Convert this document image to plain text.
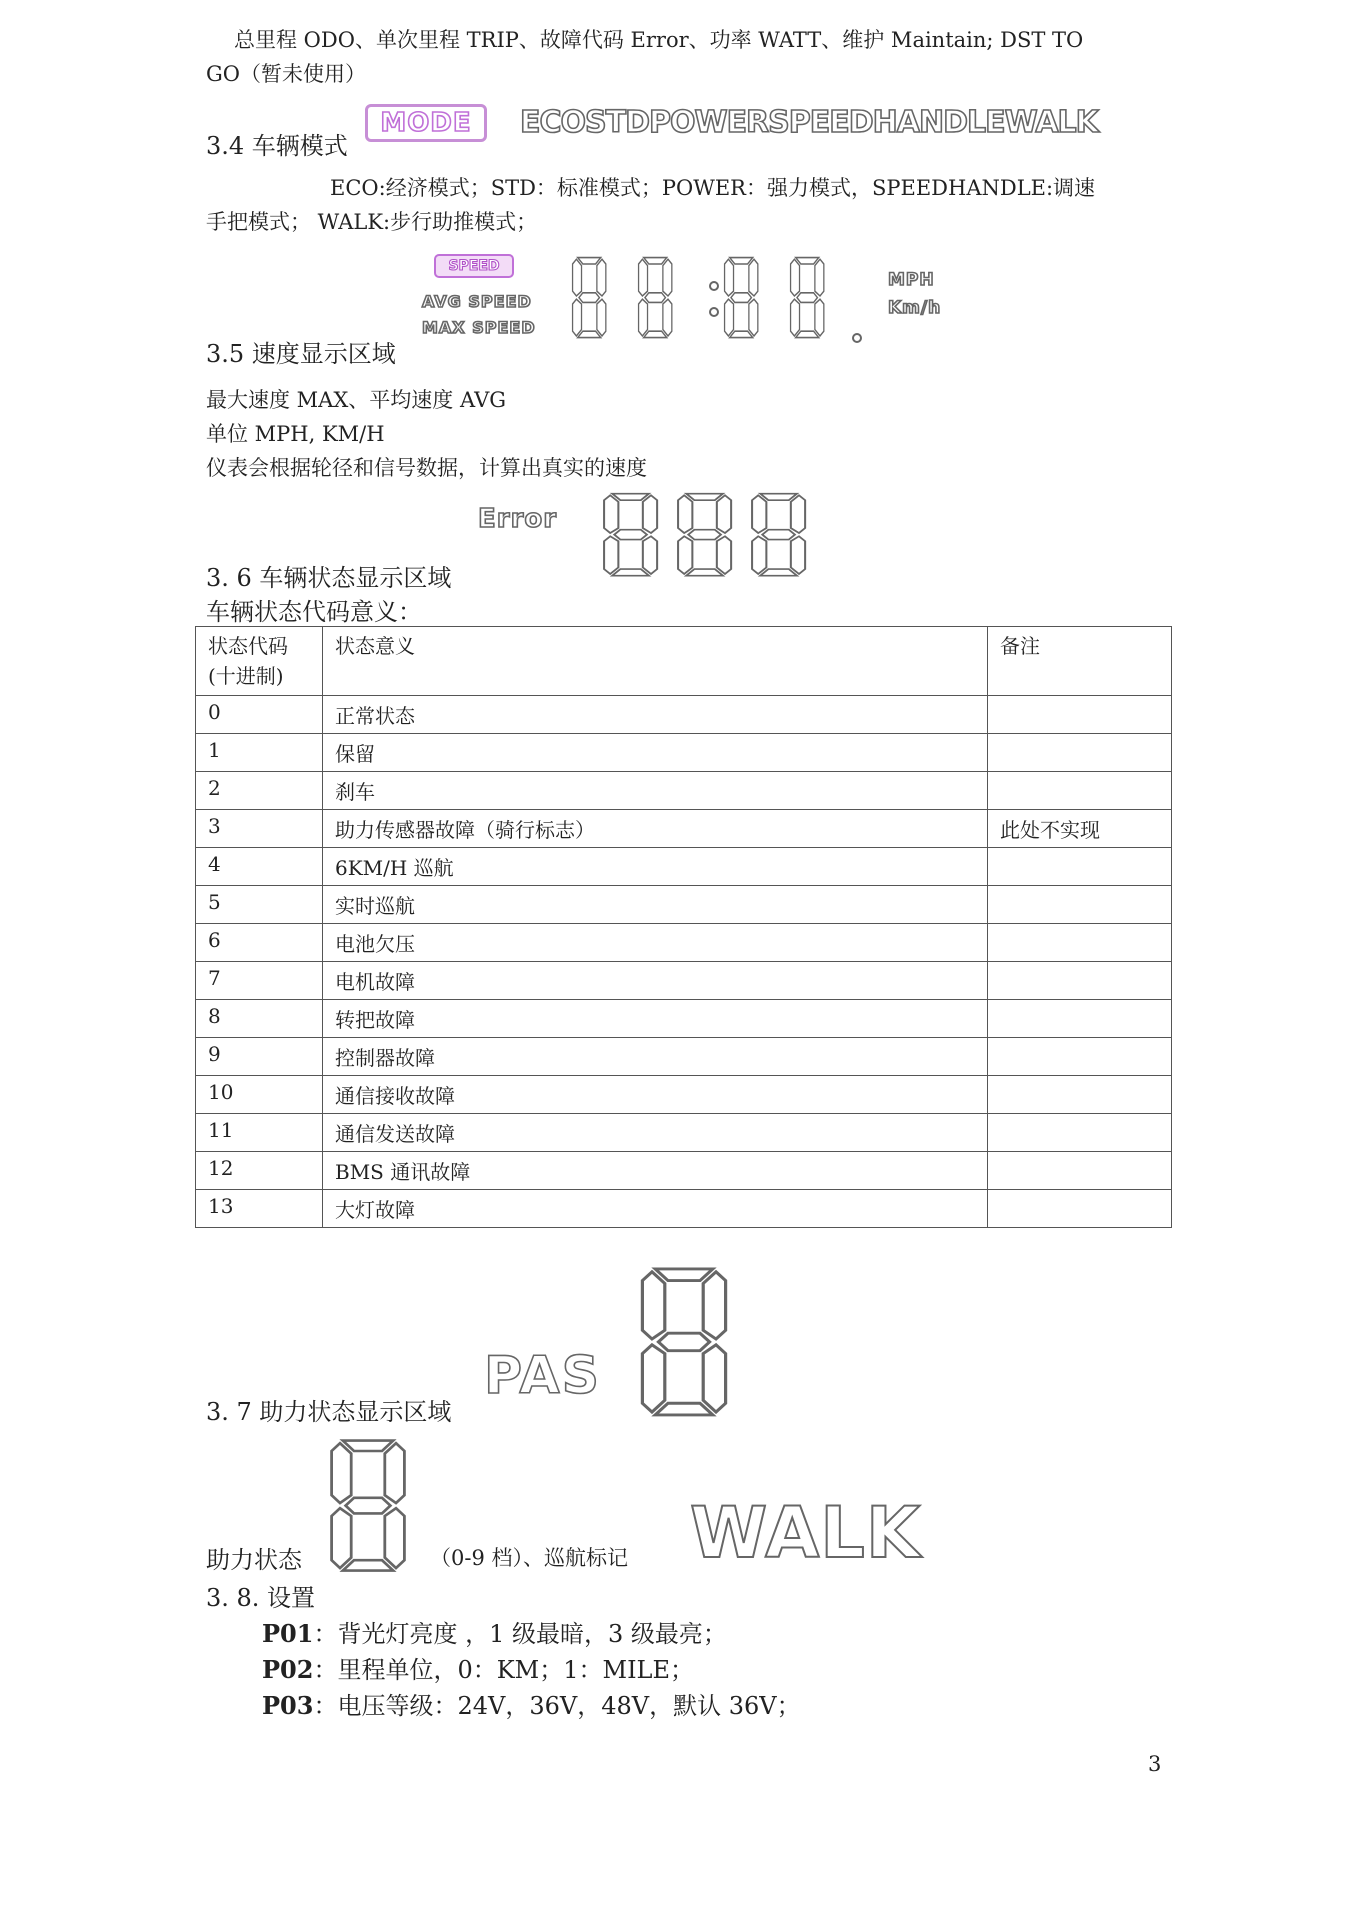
总里程 ODO、单次里程 TRIP、故障代码 Error、功率 WATT、维护 Maintain; DST TO

GO（暂未使用）

3.4 车辆模式

MODE ECOSTDPOWERSPEEDHANDLEWALK

ECO:经济模式；STD：标准模式；POWER：强力模式，SPEEDHANDLE:调速

手把模式； WALK:步行助推模式；

3.5 速度显示区域

SPEED
AVG SPEED
MAX SPEED
MPH
Km/h

最大速度 MAX、平均速度 AVG

单位 MPH, KM/H

仪表会根据轮径和信号数据，计算出真实的速度

Error

3. 6 车辆状态显示区域

车辆状态代码意义：

状态代码
(十进制)	状态意义	备注
0	正常状态	
1	保留	
2	刹车	
3	助力传感器故障（骑行标志）	此处不实现
4	6KM/H 巡航	
5	实时巡航	
6	电池欠压	
7	电机故障	
8	转把故障	
9	控制器故障	
10	通信接收故障	
11	通信发送故障	
12	BMS 通讯故障	
13	大灯故障	
PAS

3. 7 助力状态显示区域

助力状态	（0-9 档）、巡航标记 WALK

3. 8. 设置

P01：背光灯亮度 ，1 级最暗，3 级最亮；

P02：里程单位，0：KM；1：MILE；

P03：电压等级：24V，36V，48V，默认 36V；

3
